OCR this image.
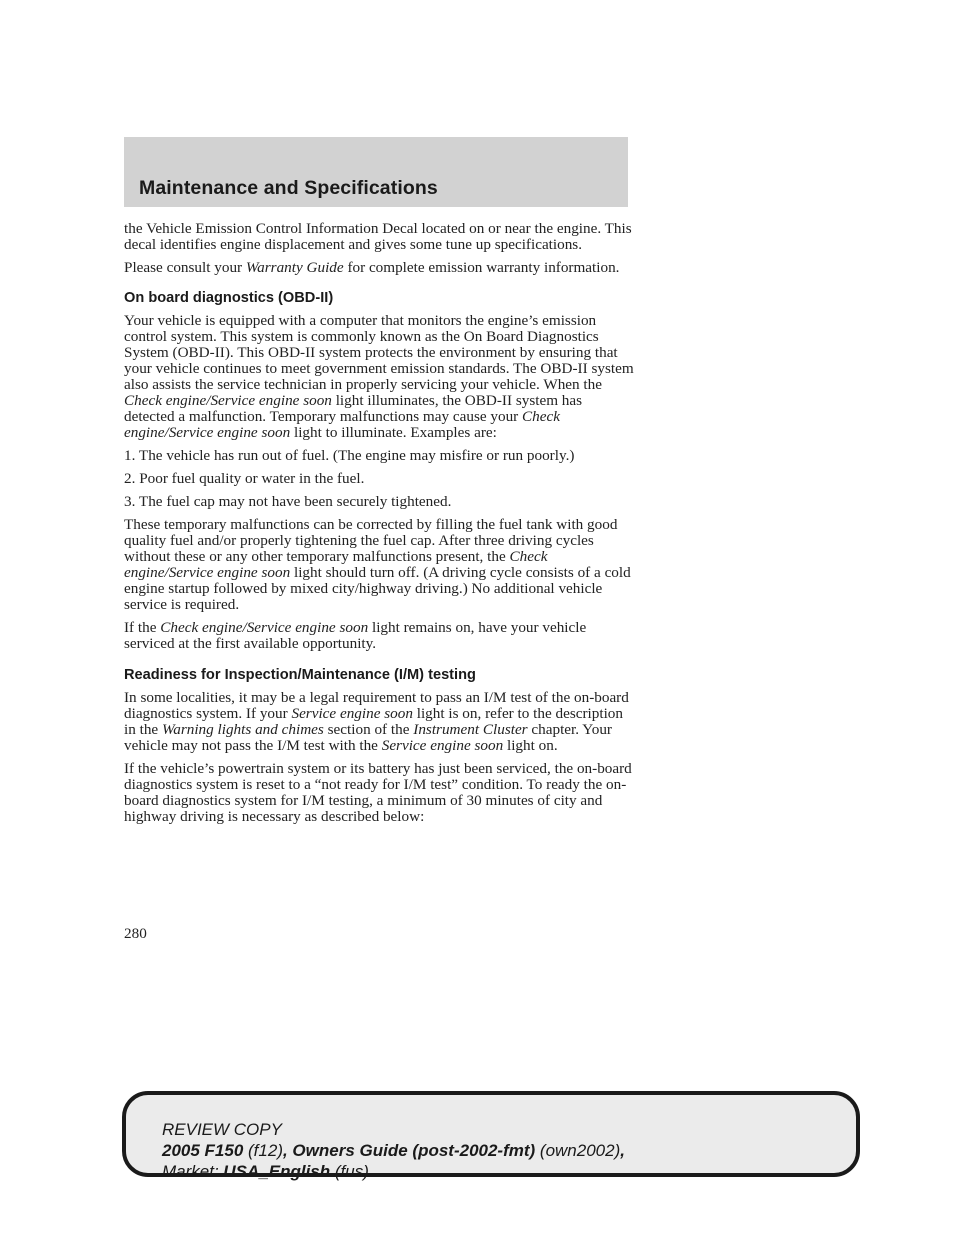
Maintenance and Specifications

the Vehicle Emission Control Information Decal located on or near the engine. This decal identifies engine displacement and gives some tune up specifications.

Please consult your Warranty Guide for complete emission warranty information.

On board diagnostics (OBD-II)

Your vehicle is equipped with a computer that monitors the engine’s emission control system. This system is commonly known as the On Board Diagnostics System (OBD-II). This OBD-II system protects the environment by ensuring that your vehicle continues to meet government emission standards. The OBD-II system also assists the service technician in properly servicing your vehicle. When the Check engine/Service engine soon light illuminates, the OBD-II system has detected a malfunction. Temporary malfunctions may cause your Check engine/Service engine soon light to illuminate. Examples are:

1. The vehicle has run out of fuel. (The engine may misfire or run poorly.)

2. Poor fuel quality or water in the fuel.

3. The fuel cap may not have been securely tightened.

These temporary malfunctions can be corrected by filling the fuel tank with good quality fuel and/or properly tightening the fuel cap. After three driving cycles without these or any other temporary malfunctions present, the Check engine/Service engine soon light should turn off. (A driving cycle consists of a cold engine startup followed by mixed city/highway driving.) No additional vehicle service is required.

If the Check engine/Service engine soon light remains on, have your vehicle serviced at the first available opportunity.

Readiness for Inspection/Maintenance (I/M) testing

In some localities, it may be a legal requirement to pass an I/M test of the on-board diagnostics system. If your Service engine soon light is on, refer to the description in the Warning lights and chimes section of the Instrument Cluster chapter. Your vehicle may not pass the I/M test with the Service engine soon light on.

If the vehicle’s powertrain system or its battery has just been serviced, the on-board diagnostics system is reset to a “not ready for I/M test” condition. To ready the on-board diagnostics system for I/M testing, a minimum of 30 minutes of city and highway driving is necessary as described below:

280
REVIEW COPY
2005 F150 (f12), Owners Guide (post-2002-fmt) (own2002),
Market: USA_English (fus)
